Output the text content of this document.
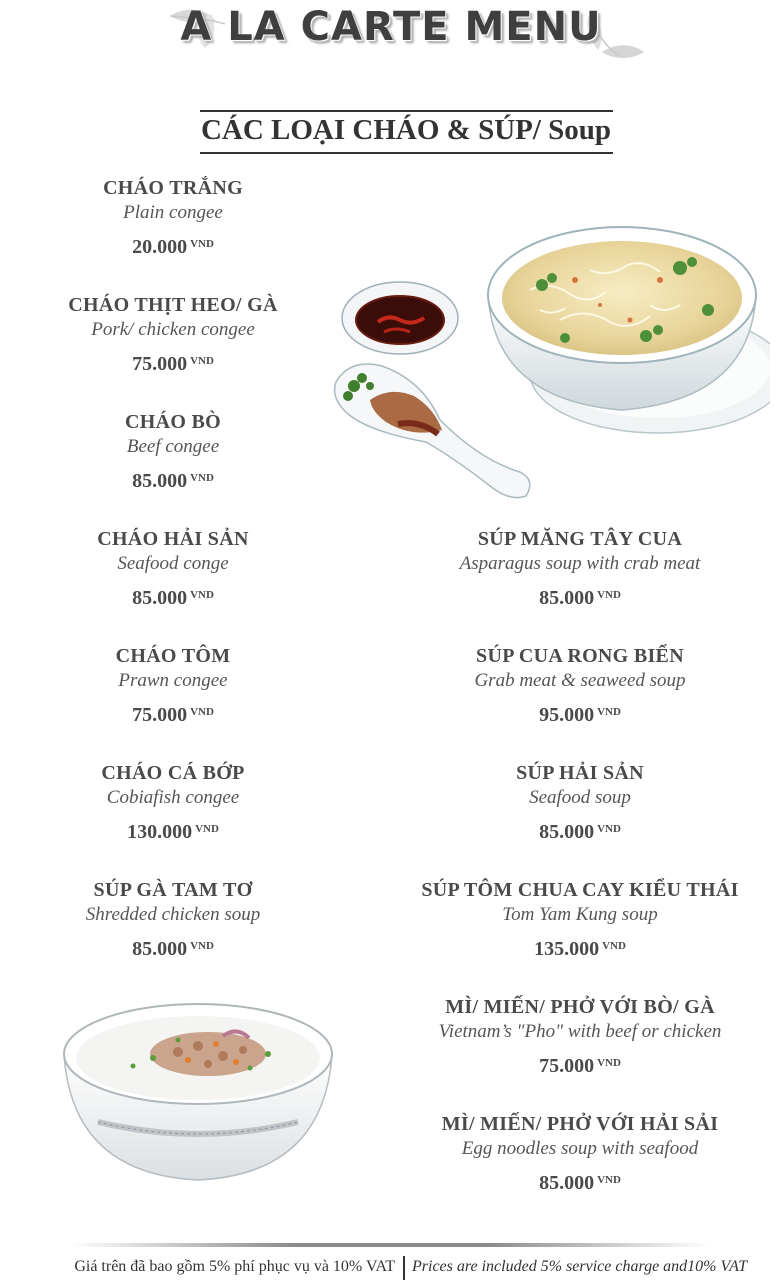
A LA CARTE MENU
CÁC LOẠI CHÁO & SÚP/ Soup
CHÁO TRẮNG
Plain congee
20.000 $^{VND}$
CHÁO THỊT HEO/ GÀ
Pork/ chicken congee
75.000 $^{VND}$
CHÁO BÒ
Beef congee
85.000 $^{VND}$
CHÁO HẢI SẢN
Seafood conge
85.000 $^{VND}$
CHÁO TÔM
Prawn congee
75.000 $^{VND}$
CHÁO CÁ BỚP
Cobiafish congee
130.000 $^{VND}$
SÚP GÀ TAM TƠ
Shredded chicken soup
85.000 $^{VND}$
SÚP MĂNG TÂY CUA
Asparagus soup with crab meat
85.000 $^{VND}$
SÚP CUA RONG BIỂN
Grab meat & seaweed soup
95.000 $^{VND}$
SÚP HẢI SẢN
Seafood soup
85.000 $^{VND}$
SÚP TÔM CHUA CAY KIỂU THÁI
Tom Yam Kung soup
135.000 $^{VND}$
MÌ/ MIẾN/ PHỞ VỚI BÒ/ GÀ
Vietnam’s "Pho" with beef or chicken
75.000 $^{VND}$
MÌ/ MIẾN/ PHỞ VỚI HẢI SẢI
Egg noodles soup with seafood
85.000 $^{VND}$
Giá trên đã bao gồm 5% phí phục vụ và 10% VAT Prices are included 5% service charge and10% VAT
